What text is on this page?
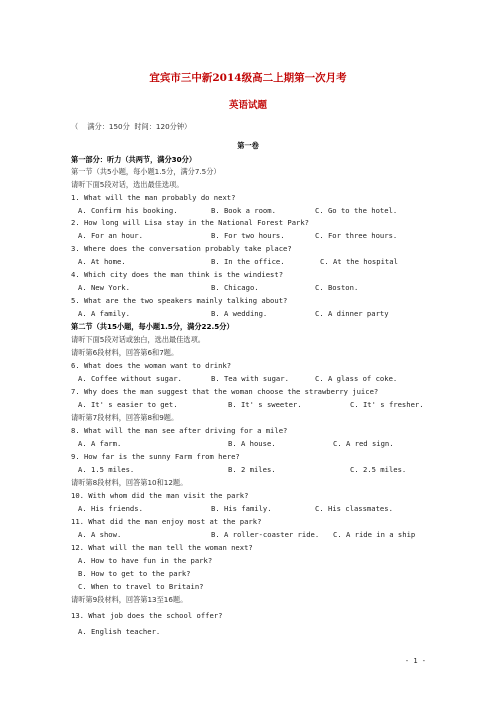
宜宾市三中新2014级高二上期第一次月考
英语试题
（    满分：150分  时间：120分钟）
第一卷
第一部分：听力（共两节，满分30分）
第一节（共5小题，每小题1.5分，满分7.5分）
请听下面5段对话，选出最佳选项。
1. What will the man probably do next?
A. Confirm his booking.	B. Book a room.	C. Go to the hotel.
2. How long will Lisa stay in the National Forest Park?
A. For an hour.	B. For two hours.	C. For three hours.
3. Where does the conversation probably take place?
A. At home.	B. In the office.	C. At the hospital
4. Which city does the man think is the windiest?
A. New York.	B. Chicago.	C. Boston.
5. What are the two speakers mainly talking about?
A. A family.	B. A wedding.	C. A dinner party
第二节（共15小题，每小题1.5分，满分22.5分）
请听下面5段对话或独白，选出最佳选项。
请听第6段材料，回答第6和7题。
6. What does the woman want to drink?
A. Coffee without sugar.	B. Tea with sugar.	C. A glass of coke.
7. Why does the man suggest that the woman choose the strawberry juice?
A. It' s easier to get.	B. It' s sweeter.	C. It' s fresher.
请听第7段材料，回答第8和9题。
8. What will the man see after driving for a mile?
A. A farm.	B. A house.	C. A red sign.
9. How far is the sunny Farm from here?
A. 1.5 miles.	B. 2 miles.	C. 2.5 miles.
请听第8段材料，回答第10和12题。
10. With whom did the man visit the park?
A. His friends.	B. His family.	C. His classmates.
11. What did the man enjoy most at the park?
A. A show.	B. A roller-coaster ride. C. A ride in a ship
12. What will the man tell the woman next?
A. How to have fun in the park?
B. How to get to the park?
C. When to travel to Britain?
请听第9段材料，回答第13至16题。
13. What job does the school offer?
A. English teacher.
- 1 -
